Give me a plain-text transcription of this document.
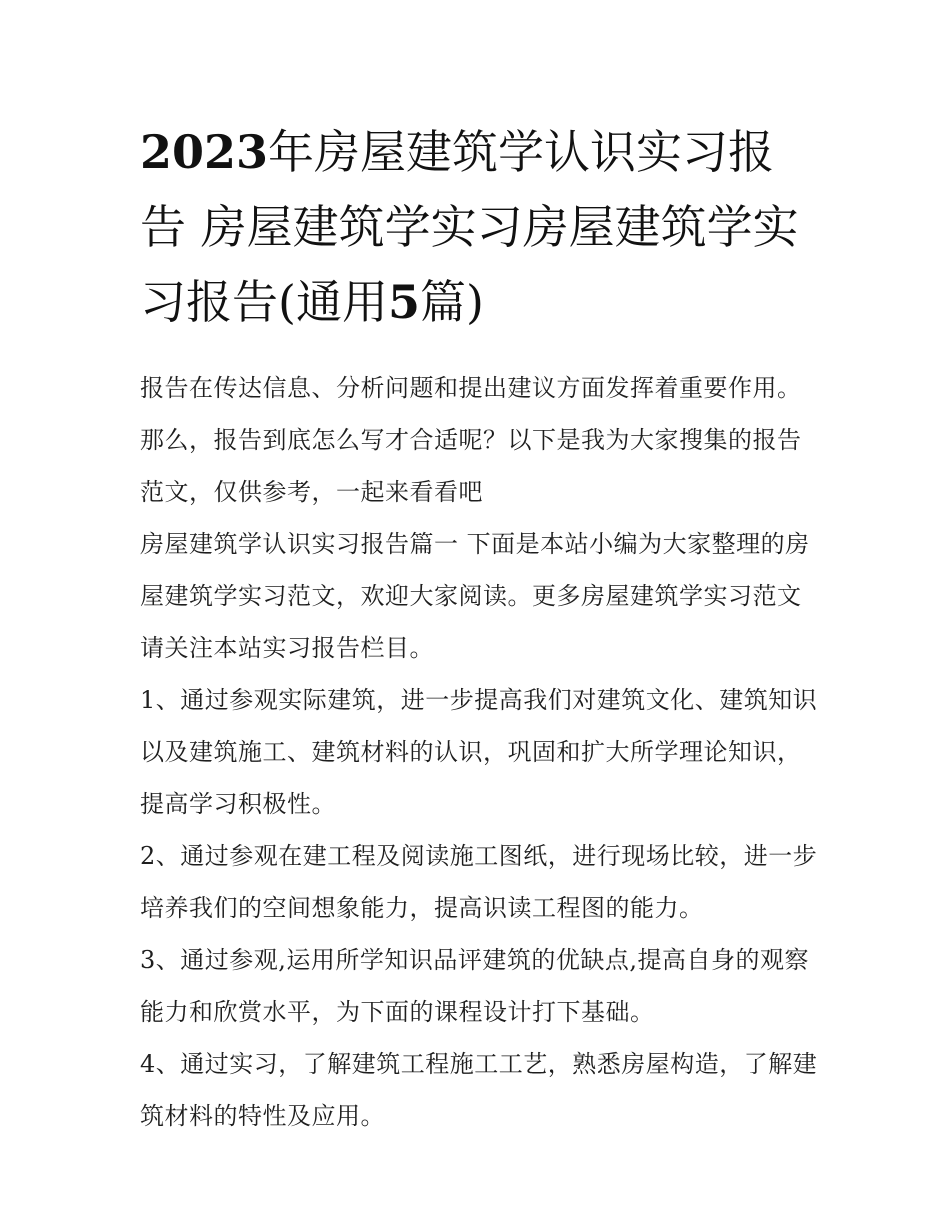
2023年房屋建筑学认识实习报告 房屋建筑学实习房屋建筑学实习报告(通用5篇)

报告在传达信息、分析问题和提出建议方面发挥着重要作用。那么，报告到底怎么写才合适呢？以下是我为大家搜集的报告范文，仅供参考，一起来看看吧

房屋建筑学认识实习报告篇一 下面是本站小编为大家整理的房屋建筑学实习范文，欢迎大家阅读。更多房屋建筑学实习范文请关注本站实习报告栏目。

1、通过参观实际建筑，进一步提高我们对建筑文化、建筑知识以及建筑施工、建筑材料的认识，巩固和扩大所学理论知识，提高学习积极性。

2、通过参观在建工程及阅读施工图纸，进行现场比较，进一步培养我们的空间想象能力，提高识读工程图的能力。

3、通过参观,运用所学知识品评建筑的优缺点,提高自身的观察能力和欣赏水平，为下面的课程设计打下基础。

4、通过实习，了解建筑工程施工工艺，熟悉房屋构造，了解建筑材料的特性及应用。
